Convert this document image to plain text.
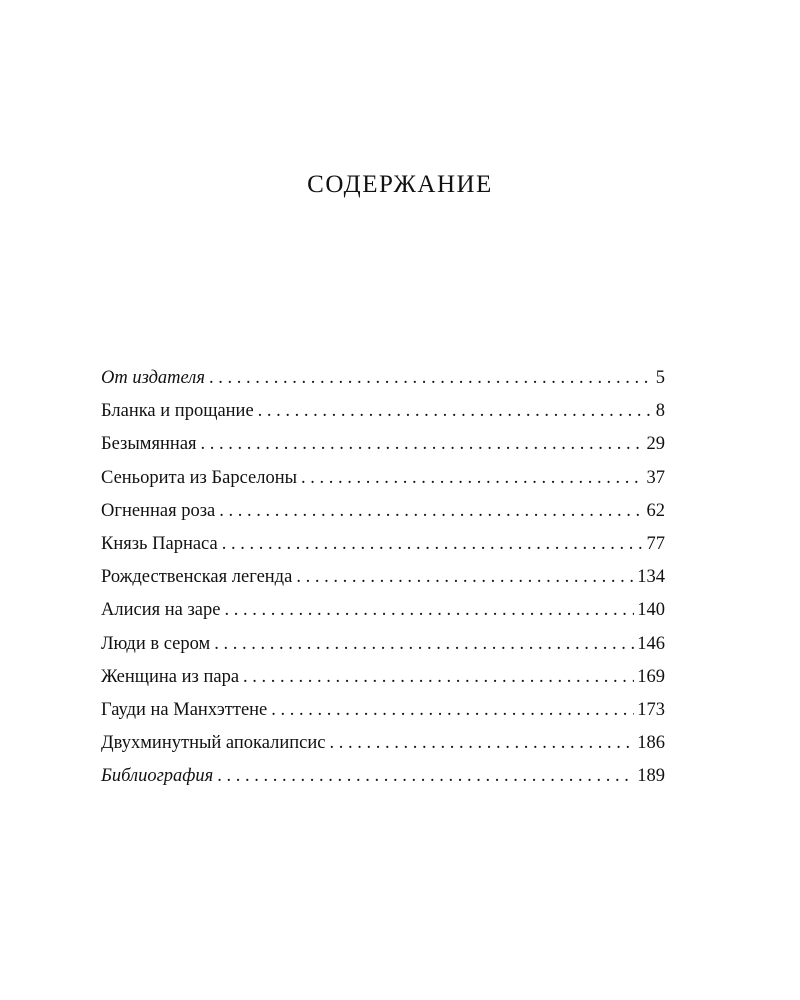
СОДЕРЖАНИЕ
От издателя . . .	5
Бланка и прощание . . .	8
Безымянная . . .	29
Сеньорита из Барселоны . . .	37
Огненная роза . . .	62
Князь Парнаса . . .	77
Рождественская легенда . . .	134
Алисия на заре . . .	140
Люди в сером . . .	146
Женщина из пара . . .	169
Гауди на Манхэттене . . .	173
Двухминутный апокалипсис . . .	186
Библиография . . .	189
